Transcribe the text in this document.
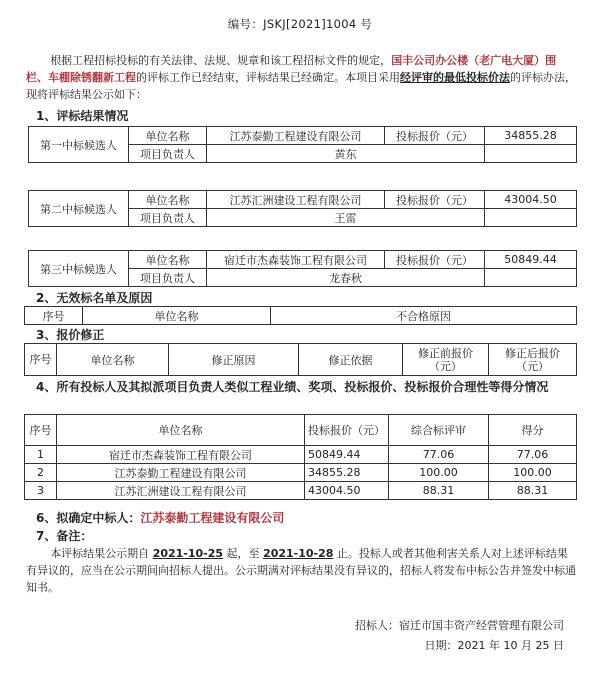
编号：JSKJ[2021]1004 号
根据工程招标投标的有关法律、法规、规章和该工程招标文件的规定，国丰公司办公楼（老广电大厦）围栏、车棚除锈翻新工程的评标工作已经结束，评标结果已经确定。本项目采用经评审的最低投标价法的评标办法，现将评标结果公示如下：
1、评标结果情况
第一中标候选人	单位名称	江苏泰勤工程建设有限公司	投标报价（元）	34855.28
	项目负责人	黄东		
第二中标候选人	单位名称	江苏汇洲建设工程有限公司	投标报价（元）	43004.50
	项目负责人	王雷		
第三中标候选人	单位名称	宿迁市杰森装饰工程有限公司	投标报价（元）	50849.44
	项目负责人	龙春秋		
2、无效标名单及原因
序号	单位名称	不合格原因
3、报价修正
序号	单位名称	修正原因	修正依据	修正前报价（元）	修正后报价（元）
4、所有投标人及其拟派项目负责人类似工程业绩、奖项、投标报价、投标报价合理性等得分情况
序号	单位名称	投标报价（元）	综合标评审	得分
1	宿迁市杰森装饰工程有限公司	50849.44	77.06	77.06
2	江苏泰勤工程建设有限公司	34855.28	100.00	100.00
3	江苏汇洲建设工程有限公司	43004.50	88.31	88.31
6、拟确定中标人：江苏泰勤工程建设有限公司
7、备注：
本评标结果公示期自 2021-10-25 起，至 2021-10-28 止。投标人或者其他利害关系人对上述评标结果有异议的，应当在公示期间向招标人提出。公示期满对评标结果没有异议的，招标人将发布中标公告并签发中标通知书。
招标人：宿迁市国丰资产经营管理有限公司
日期：2021 年 10 月 25 日
